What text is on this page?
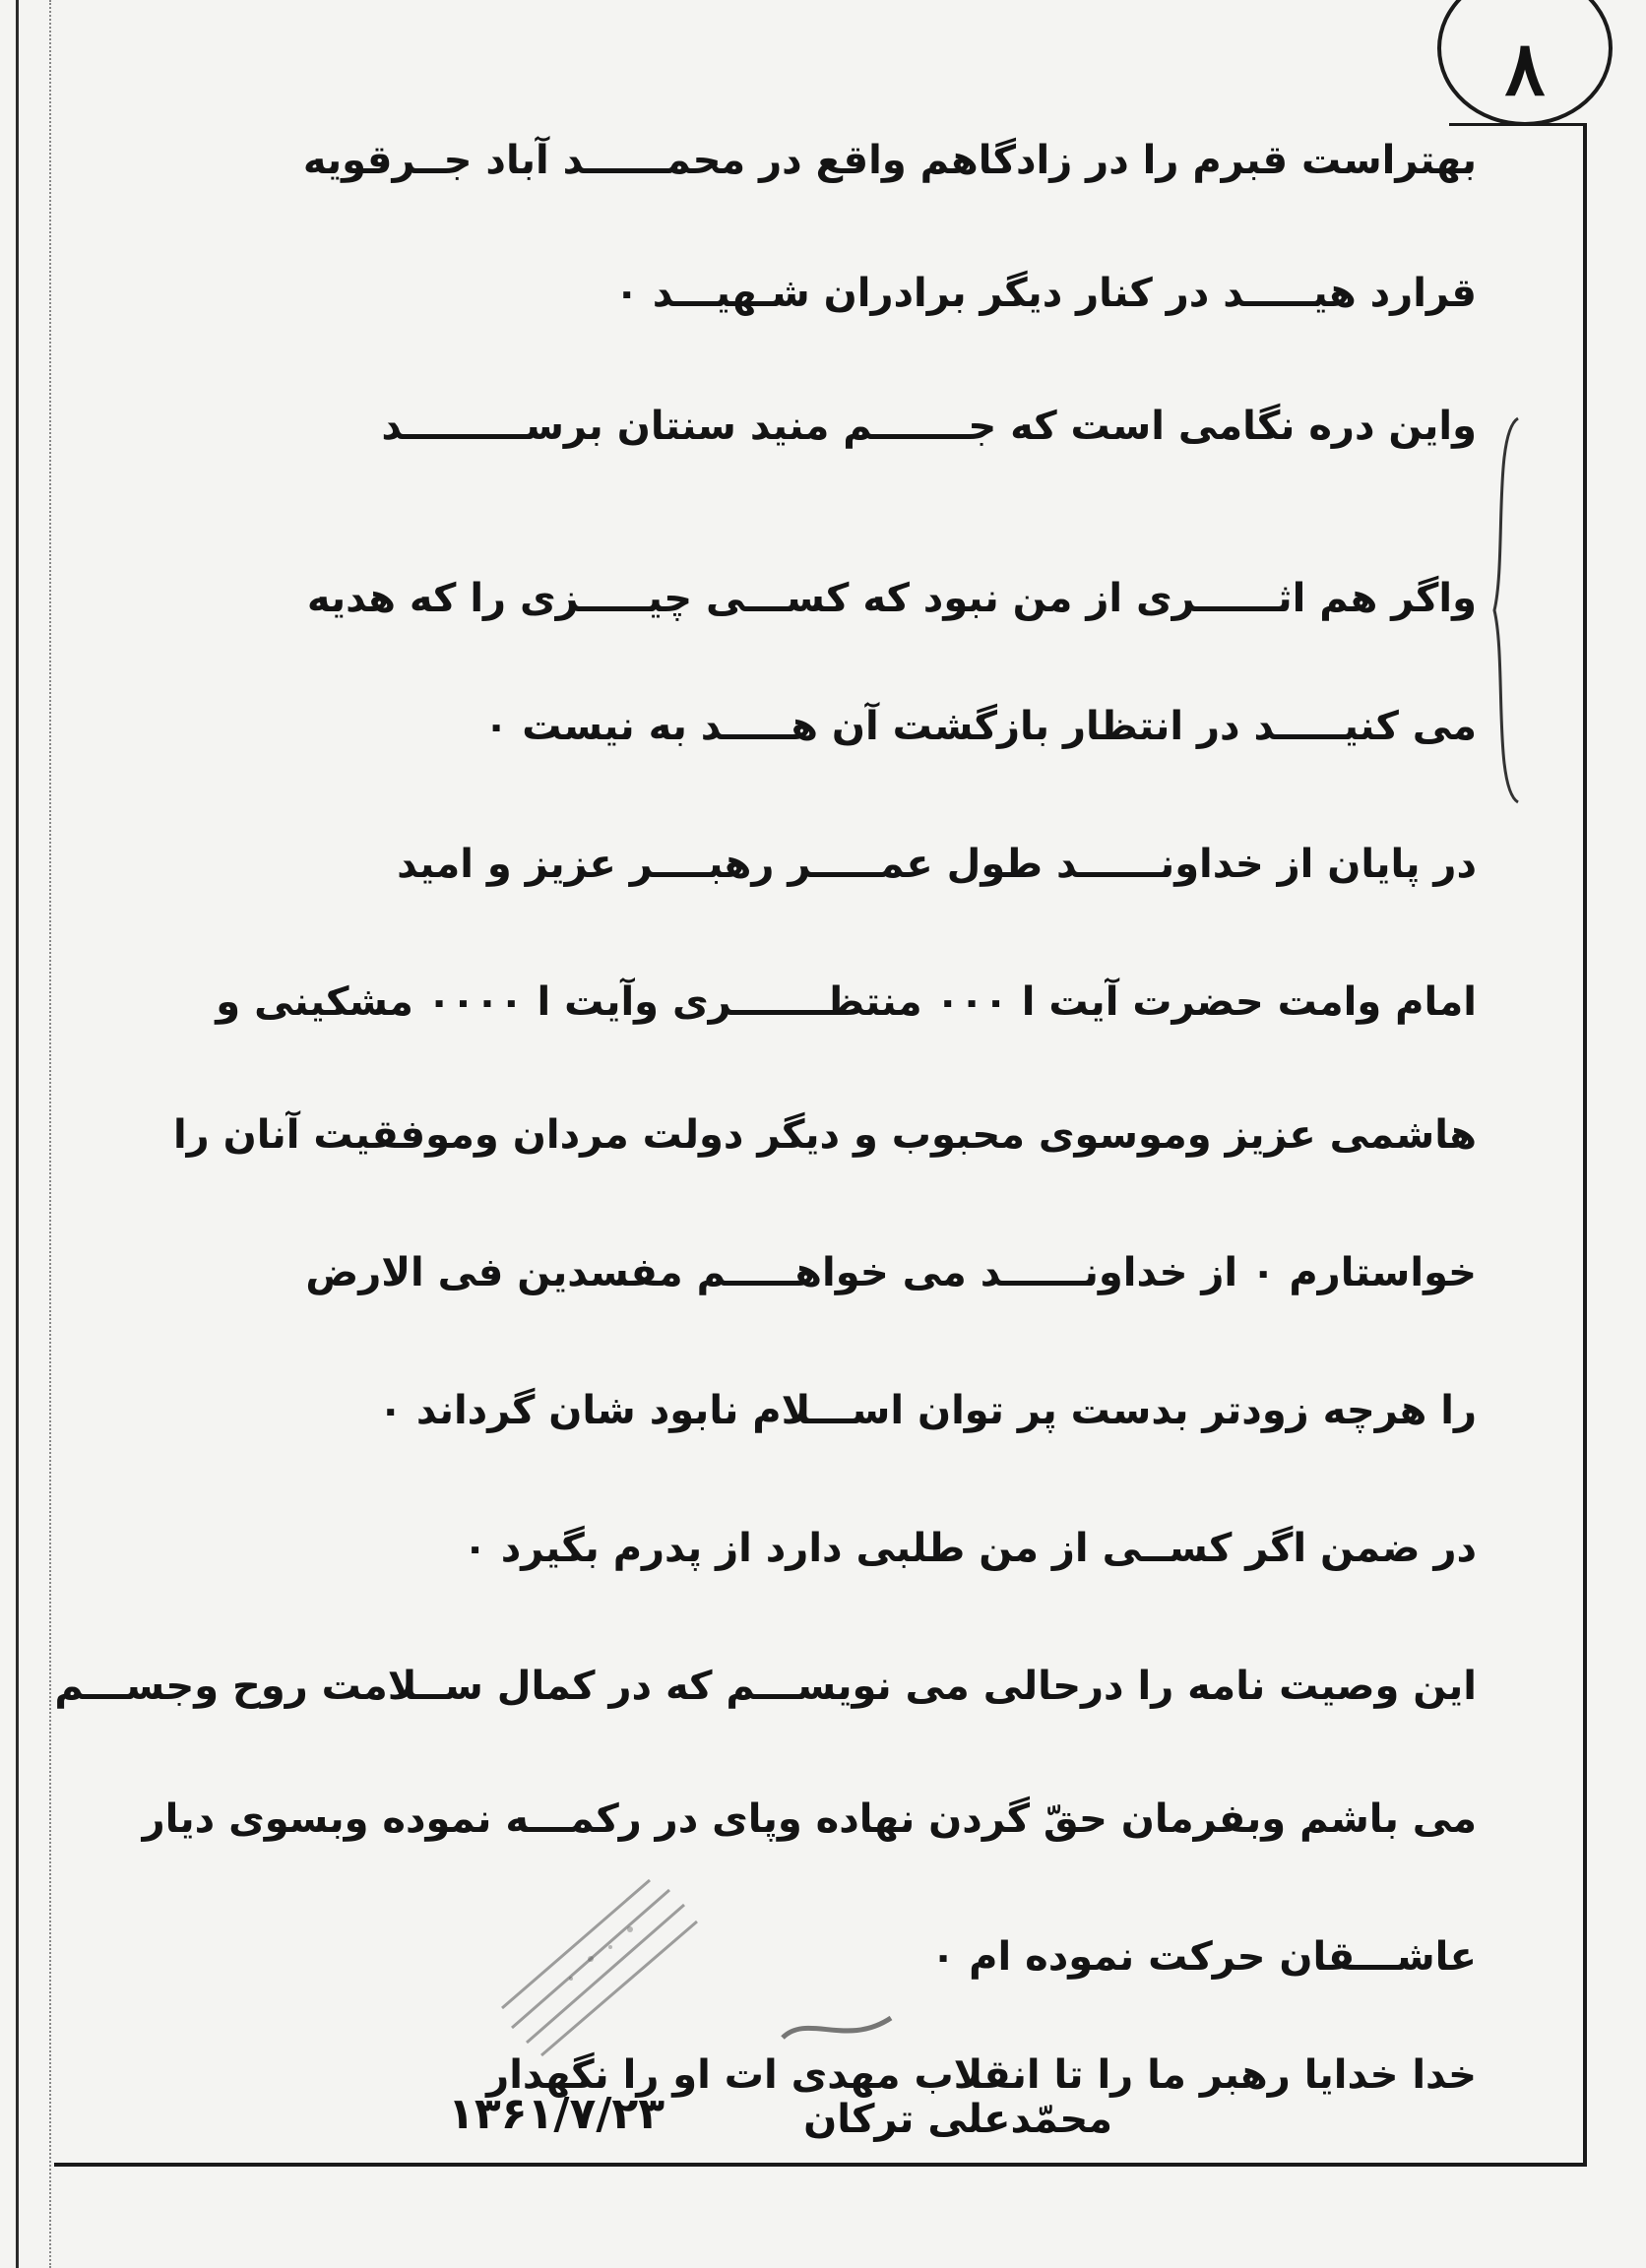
٨
بهتراست قبرم را در زادگاهم واقع در محمــــــد آباد جــرقویه
قرارد هیـــــد در کنار دیگر برادران شـهیـــد ٠
واین دره نگامی است که جـــــــم منید سنتان برســـــــــد
واگر هم اثــــــری از من نبود که کســـی چیـــــزی را که هدیه
می کنیـــــد در انتظار بازگشت آن هـــــد به نیست ٠
در پایان از خداونــــــد طول عمـــــر رهبــــر عزیز و امید
امام وامت حضرت آیت ا ٠٠٠ منتظـــــــری وآیت ا ٠٠٠٠ مشکینی و
هاشمی عزیز وموسوی محبوب و دیگر دولت مردان وموفقیت آنان را
خواستارم ٠ از خداونــــــد می خواهـــــم مفسدین فی الارض
را هرچه زودتر بدست پر توان اســـلام نابود شان گرداند ٠
در ضمن اگر کســی از من طلبی دارد از پدرم بگیرد ٠
این وصیت نامه را درحالی می نویســـم که در کمال ســلامت روح وجســـم
می باشم وبفرمان حقّ گردن نهاده وپای در رکمـــه نموده وبسوی دیار
عاشـــقان حرکت نموده ام ٠
خدا خدایا رهبر ما را تا انقلاب مهدی ات او را نگهدار
محمّدعلی ترکان
۱۳۶۱/۷/۲۳
